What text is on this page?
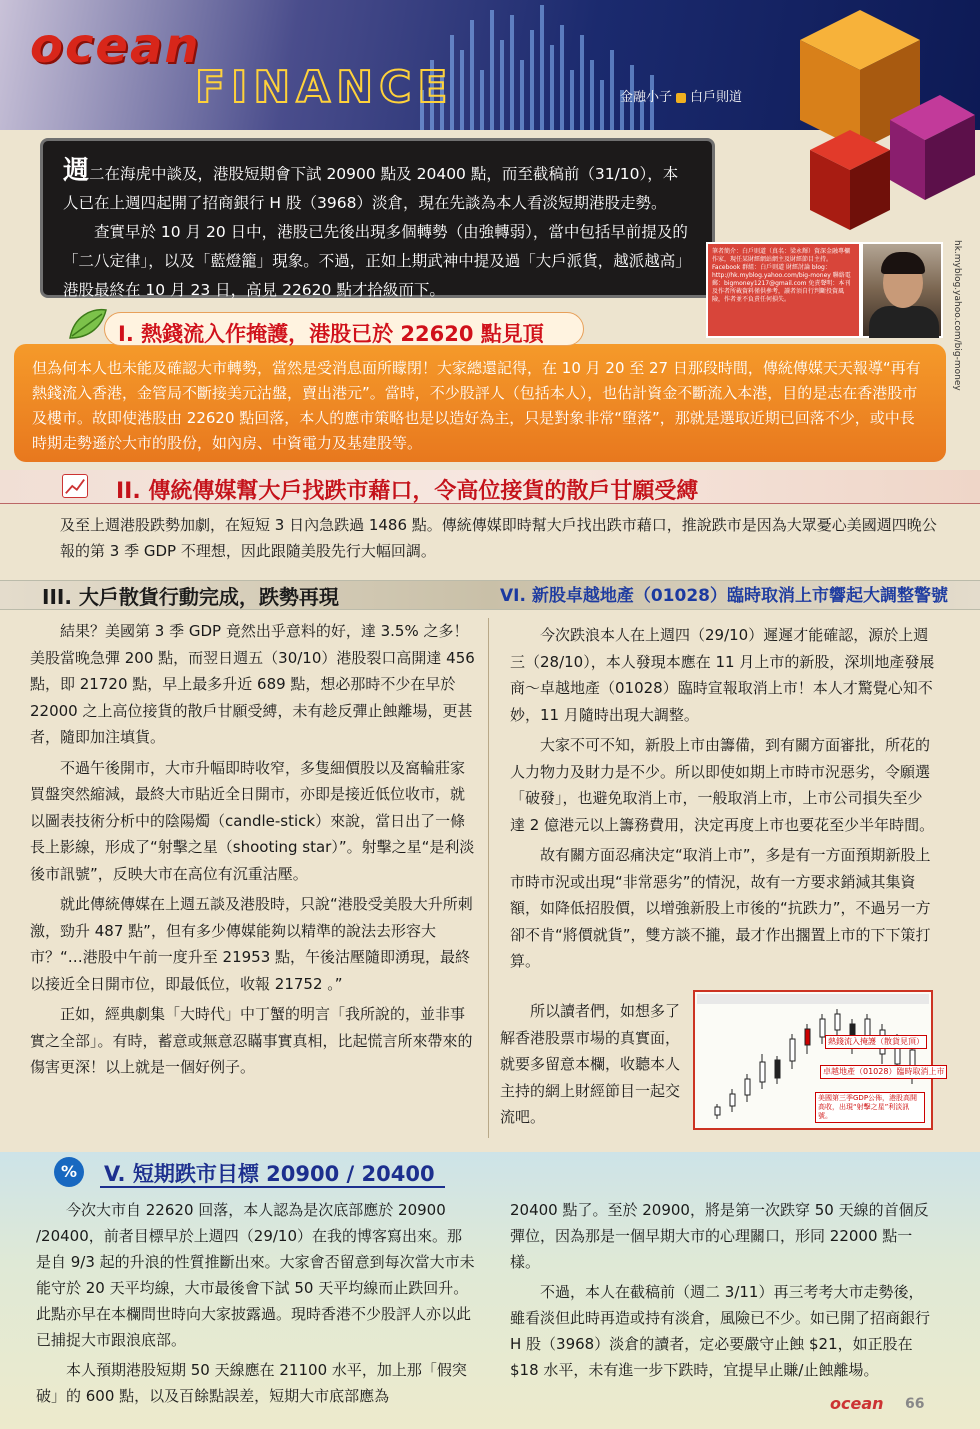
ocean
FINANCE	金融小子 白戶則道

週二在海虎中談及，港股短期會下試 20900 點及 20400 點，而至截稿前（31/10），本人已在上週四起開了招商銀行 H 股（3968）淡倉，現在先談為本人看淡短期港股走勢。

查實早於 10 月 20 日中，港股已先後出現多個轉勢（由強轉弱），當中包括早前提及的「二八定律」，以及「藍燈籠」現象。不過，正如上期武神中提及過「大戶派貨，越派越高」港股最終在 10 月 23 日，高見 22620 點才拾級而下。

筆者簡介：白戶則道（真名：梁永輝）資深金融專欄作家，現任某財經網站網主及財經節目主持。Facebook 群組：白戶則道 財經討論 blog：http://hk.myblog.yahoo.com/big-money 聯絡電郵：bigmoney1217@gmail.com 免責聲明：本刊及作者所載資料僅供參考，讀者須自行判斷投資風險，作者並不負責任何損失。	hk.myblog.yahoo.com/big-money
但為何本人也未能及確認大市轉勢，當然是受消息面所矇閉！大家總還記得，在 10 月 20 至 27 日那段時間，傳統傳媒天天報導“再有熱錢流入香港，金管局不斷接美元沽盤，賣出港元”。當時，不少股評人（包括本人），也估計資金不斷流入本港，目的是志在香港股市及樓市。故即使港股由 22620 點回落，本人的應市策略也是以造好為主，只是對象非常“墮落”，那就是選取近期已回落不少，或中長時期走勢遜於大市的股份，如內房、中資電力及基建股等。
I. 熱錢流入作掩護，港股已於 22620 點見頂
II. 傳統傳媒幫大戶找跌市藉口，令高位接貨的散戶甘願受縛
及至上週港股跌勢加劇，在短短 3 日內急跌過 1486 點。傳統傳媒即時幫大戶找出跌市藉口，推說跌市是因為大眾憂心美國週四晚公報的第 3 季 GDP 不理想，因此跟隨美股先行大幅回調。
III. 大戶散貨行動完成，跌勢再現	VI. 新股卓越地產（01028）臨時取消上市響起大調整警號

結果？美國第 3 季 GDP 竟然出乎意料的好，達 3.5% 之多！美股當晚急彈 200 點，而翌日週五（30/10）港股裂口高開達 456 點，即 21720 點，早上最多升近 689 點，想必那時不少在早於 22000 之上高位接貨的散戶甘願受縛，未有趁反彈止蝕離場，更甚者，隨即加注填貨。

不過午後開市，大市升幅即時收窄，多隻細價股以及窩輪莊家買盤突然縮減，最終大市貼近全日開市，亦即是接近低位收市，就以圖表技術分析中的陰陽燭（candle-stick）來說，當日出了一條長上影線，形成了“射擊之星（shooting star）”。射擊之星“是利淡後市訊號”，反映大市在高位有沉重沽壓。

就此傳統傳媒在上週五談及港股時，只說“港股受美股大升所刺激，勁升 487 點”，但有多少傳媒能夠以精準的說法去形容大市？“…港股中午前一度升至 21953 點，午後沽壓隨即湧現，最終以接近全日開市位，即最低位，收報 21752 。”

正如，經典劇集「大時代」中丁蟹的明言「我所說的，並非事實之全部」。有時，蓄意或無意忍瞞事實真相，比起慌言所來帶來的傷害更深！以上就是一個好例子。

今次跌浪本人在上週四（29/10）遲遲才能確認，源於上週三（28/10），本人發現本應在 11 月上市的新股，深圳地產發展商～卓越地產（01028）臨時宣報取消上市！本人才驚覺心知不妙，11 月隨時出現大調整。

大家不可不知，新股上市由籌備，到有關方面審批，所花的人力物力及財力是不少。所以即使如期上市時市況惡劣，令願選「破發」，也避免取消上市，一般取消上市，上市公司損失至少達 2 億港元以上籌務費用，決定再度上市也要花至少半年時間。

故有關方面忍痛決定“取消上市”，多是有一方面預期新股上市時市況或出現“非常惡劣”的情況，故有一方要求銷減其集資額，如降低招股價，以增強新股上市後的“抗跌力”，不過另一方卻不肯“將價就貨”，雙方談不攏，最才作出擱置上市的下下策打算。

所以讀者們，如想多了解香港股票市場的真實面，就要多留意本欄，收聽本人主持的網上財經節目一起交流吧。
熱錢流入掩護（散貨見頂）
卓越地產（01028）臨時取消上市
美國第三季GDP公佈，港股高開高收，出現“射擊之星”利淡訊號。
%	V. 短期跌市目標 20900 / 20400

今次大市自 22620 回落，本人認為是次底部應於 20900 /20400，前者目標早於上週四（29/10）在我的博客寫出來。那是自 9/3 起的升浪的性質推斷出來。大家會否留意到每次當大市未能守於 20 天平均線，大市最後會下試 50 天平均線而止跌回升。此點亦早在本欄問世時向大家披露過。現時香港不少股評人亦以此已捕捉大市跟浪底部。

本人預期港股短期 50 天線應在 21100 水平，加上那「假突破」的 600 點，以及百餘點誤差，短期大市底部應為

20400 點了。至於 20900，將是第一次跌穿 50 天線的首個反彈位，因為那是一個早期大市的心理關口，形同 22000 點一樣。

不過，本人在截稿前（週二 3/11）再三考考大市走勢後，雖看淡但此時再造或持有淡倉，風險已不少。如已開了招商銀行 H 股（3968）淡倉的讀者，定必要嚴守止蝕 $21，如正股在 $18 水平，未有進一步下跌時，宜提早止賺/止蝕離場。

ocean 66
